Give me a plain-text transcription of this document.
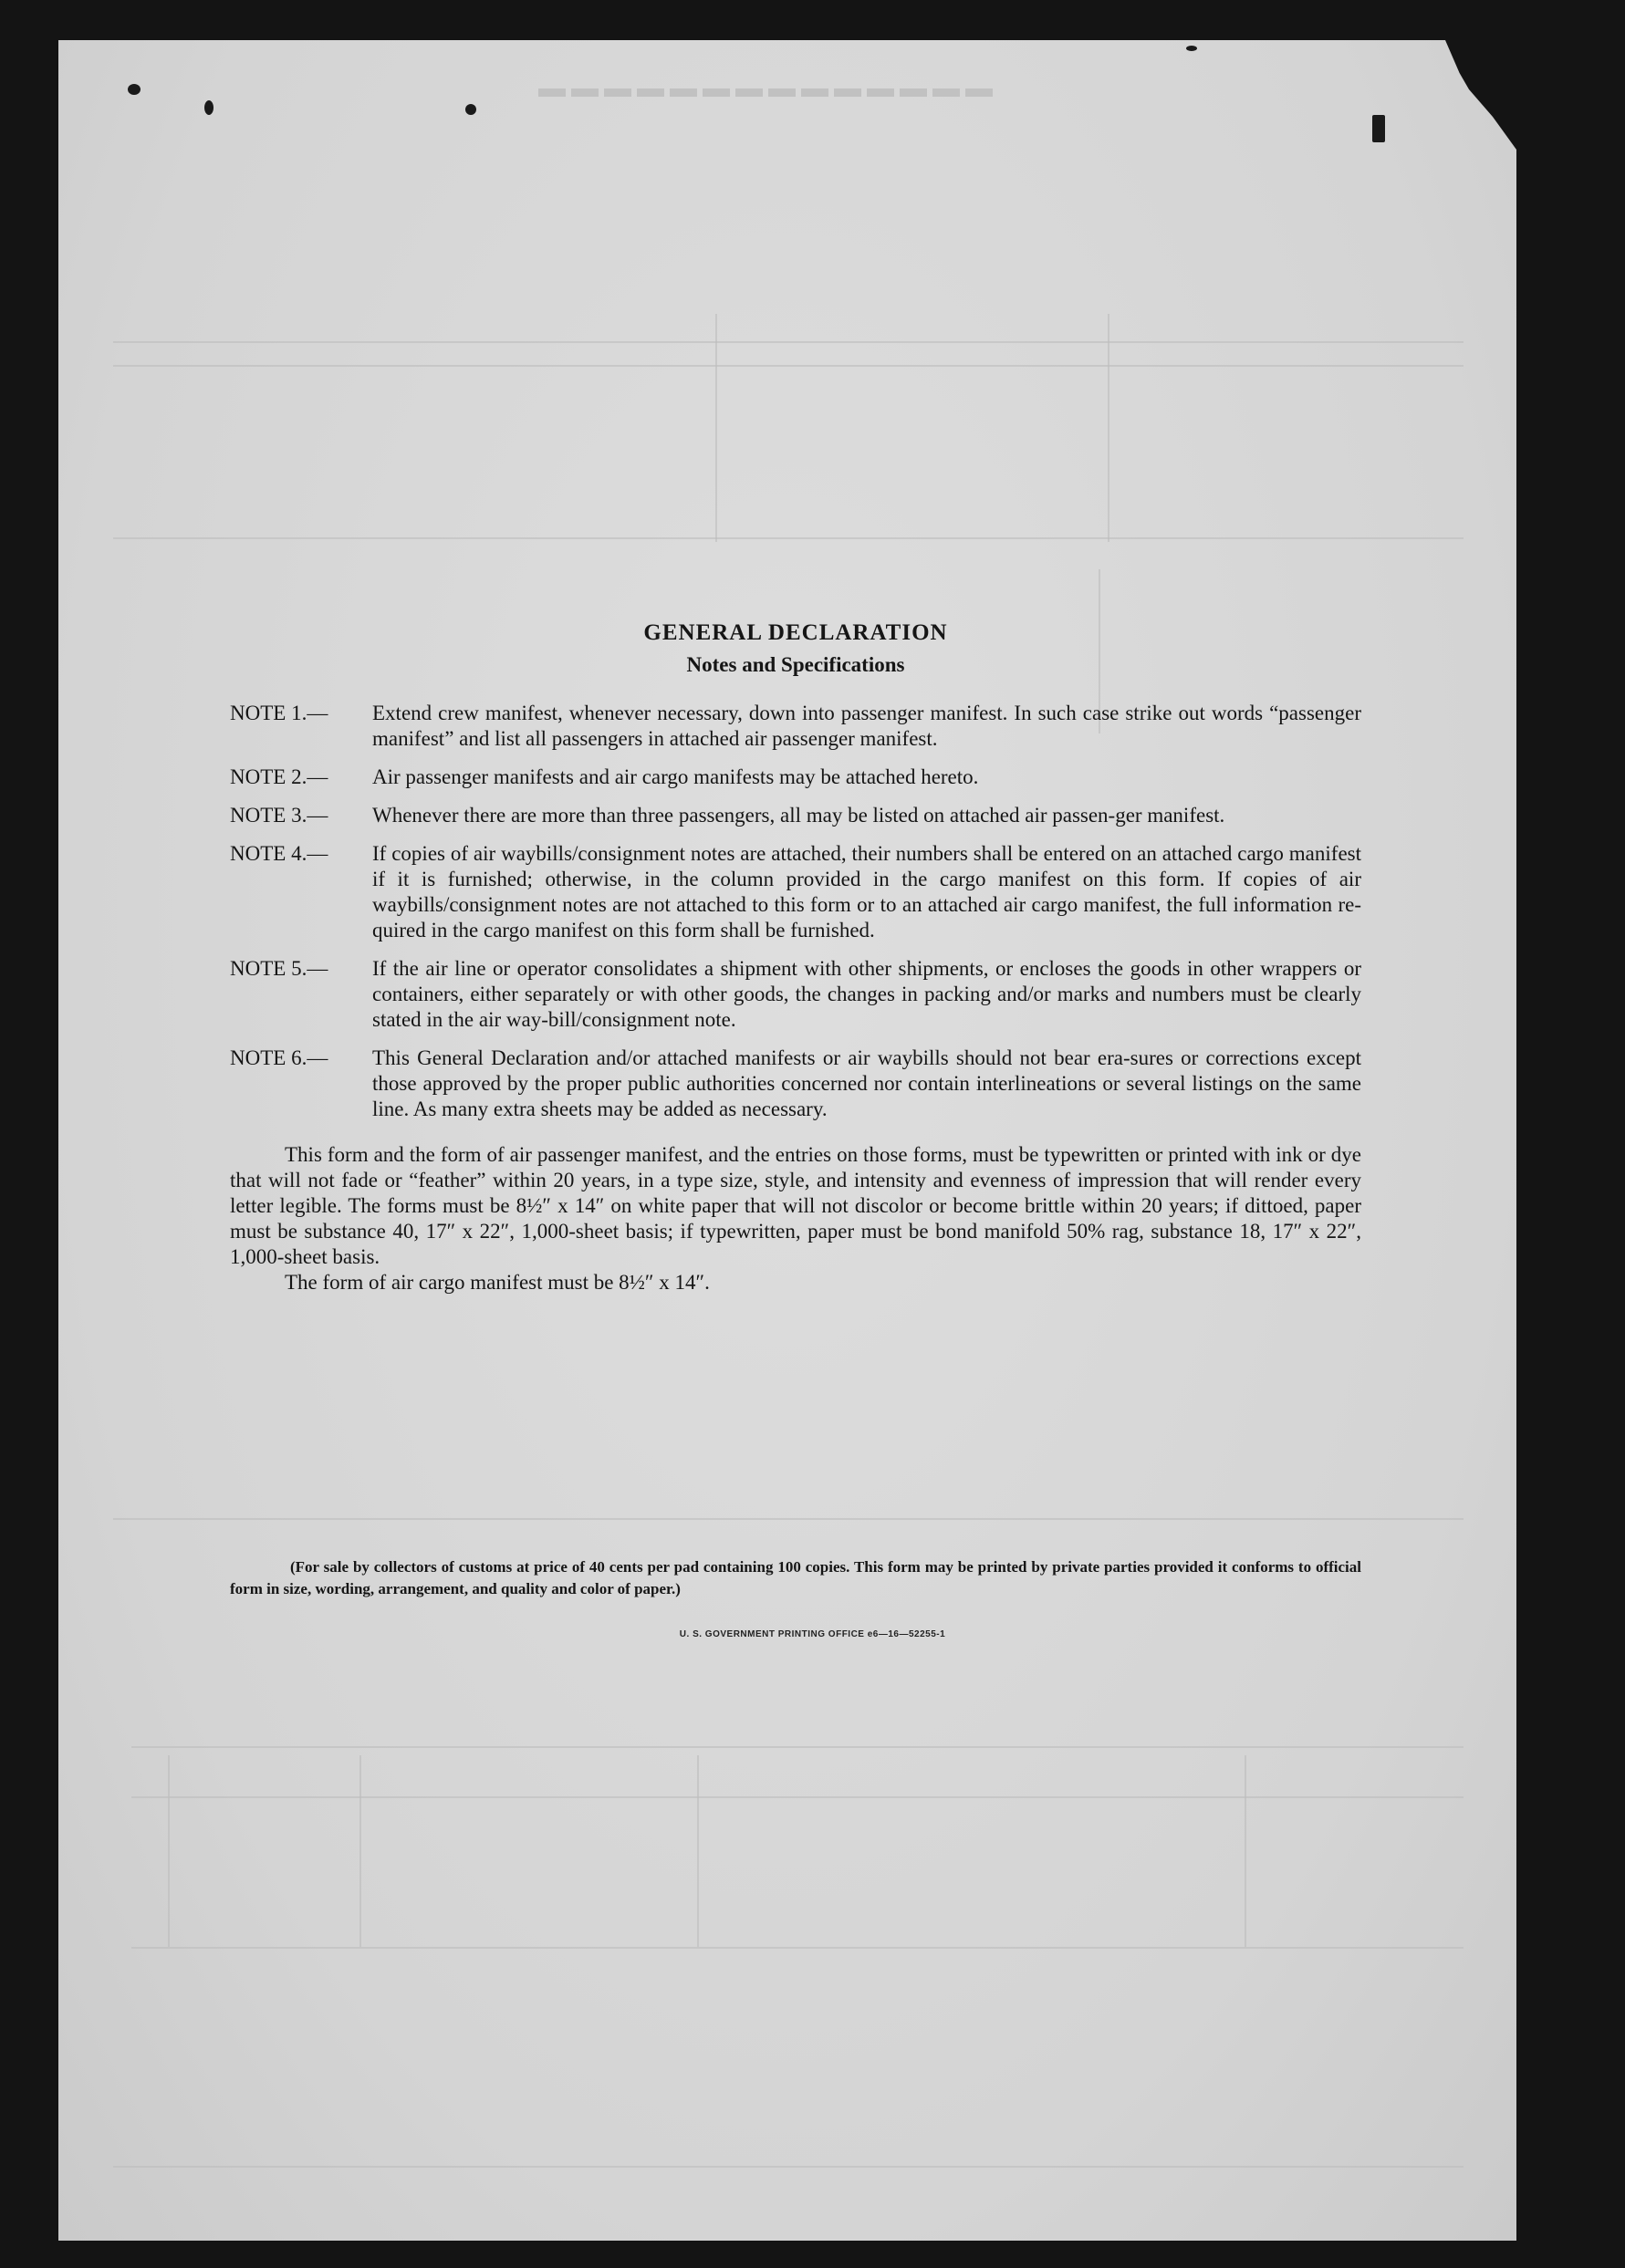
▬▬▬▬▬▬▬▬▬▬▬▬▬▬
GENERAL DECLARATION
Notes and Specifications
NOTE 1.— Extend crew manifest, whenever necessary, down into passenger manifest. In such case strike out words “passenger manifest” and list all passengers in attached air passenger manifest.
NOTE 2.— Air passenger manifests and air cargo manifests may be attached hereto.
NOTE 3.— Whenever there are more than three passengers, all may be listed on attached air passen-ger manifest.
NOTE 4.— If copies of air waybills/consignment notes are attached, their numbers shall be entered on an attached cargo manifest if it is furnished; otherwise, in the column provided in the cargo manifest on this form. If copies of air waybills/consignment notes are not attached to this form or to an attached air cargo manifest, the full information re-quired in the cargo manifest on this form shall be furnished.
NOTE 5.— If the air line or operator consolidates a shipment with other shipments, or encloses the goods in other wrappers or containers, either separately or with other goods, the changes in packing and/or marks and numbers must be clearly stated in the air way-bill/consignment note.
NOTE 6.— This General Declaration and/or attached manifests or air waybills should not bear era-sures or corrections except those approved by the proper public authorities concerned nor contain interlineations or several listings on the same line. As many extra sheets may be added as necessary.
This form and the form of air passenger manifest, and the entries on those forms, must be typewritten or printed with ink or dye that will not fade or “feather” within 20 years, in a type size, style, and intensity and evenness of impression that will render every letter legible. The forms must be 8½″ x 14″ on white paper that will not discolor or become brittle within 20 years; if dittoed, paper must be substance 40, 17″ x 22″, 1,000-sheet basis; if typewritten, paper must be bond manifold 50% rag, substance 18, 17″ x 22″, 1,000-sheet basis.
The form of air cargo manifest must be 8½″ x 14″.
(For sale by collectors of customs at price of 40 cents per pad containing 100 copies. This form may be printed by private parties provided it conforms to official form in size, wording, arrangement, and quality and color of paper.)
U. S. GOVERNMENT PRINTING OFFICE e6—16—52255-1
